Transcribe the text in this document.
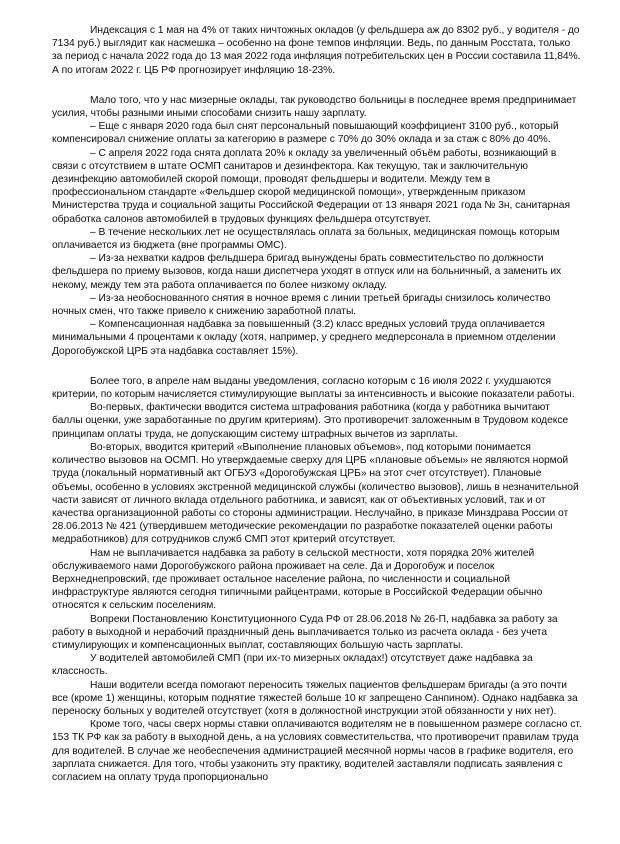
Индексация с 1 мая на 4% от таких ничтожных окладов (у фельдшера аж до 8302 руб., у водителя - до 7134 руб.) выглядит как насмешка – особенно на фоне темпов инфляции. Ведь, по данным Росстата, только за период с начала 2022 года до 13 мая 2022 года инфляция потребительских цен в России составила 11,84%. А по итогам 2022 г. ЦБ РФ прогнозирует инфляцию 18-23%.

Мало того, что у нас мизерные оклады, так руководство больницы в последнее время предпринимает усилия, чтобы разными иными способами снизить нашу зарплату.

– Еще с января 2020 года был снят персональный повышающий коэффициент 3100 руб., который компенсировал снижение оплаты за категорию в размере с 70% до 30% оклада и за стаж с 80% до 40%.

– С апреля 2022 года снята доплата 20% к окладу за увеличенный объём работы, возникающий в связи с отсутствием в штате ОСМП санитаров и дезинфектора. Как текущую, так и заключительную дезинфекцию автомобилей скорой помощи, проводят фельдшеры и водители. Между тем в профессиональном стандарте «Фельдшер скорой медицинской помощи», утвержденным приказом Министерства труда и социальной защиты Российской Федерации от 13 января 2021 года № 3н, санитарная обработка салонов автомобилей в трудовых функциях фельдшера отсутствует.

– В течение нескольких лет не осуществлялась оплата за больных, медицинская помощь которым оплачивается из бюджета (вне программы ОМС).

– Из-за нехватки кадров фельдшера бригад вынуждены брать совместительство по должности фельдшера по приему вызовов, когда наши диспетчера уходят в отпуск или на больничный, а заменить их некому, между тем эта работа оплачивается по более низкому окладу.

– Из-за необоснованного снятия в ночное время с линии третьей бригады снизилось количество ночных смен, что также привело к снижению заработной платы.

– Компенсационная надбавка за повышенный (3.2) класс вредных условий труда оплачивается минимальными 4 процентами к окладу (хотя, например, у среднего медперсонала в приемном отделении Дорогобужской ЦРБ эта надбавка составляет 15%).

Более того, в апреле нам выданы уведомления, согласно которым с 16 июля 2022 г. ухудшаются критерии, по которым начисляется стимулирующие выплаты за интенсивность и высокие показатели работы.

Во-первых, фактически вводится система штрафования работника (когда у работника вычитают баллы оценки, уже заработанные по другим критериям). Это противоречит заложенным в Трудовом кодексе принципам оплаты труда, не допускающим систему штрафных вычетов из зарплаты.

Во-вторых, вводится критерий «Выполнение плановых объемов», под которыми понимается количество вызовов на ОСМП. Но утверждаемые сверху для ЦРБ «плановые объемы» не являются нормой труда (локальный нормативный акт ОГБУЗ «Дорогобужская ЦРБ» на этот счет отсутствует). Плановые объемы, особенно в условиях экстренной медицинской службы (количество вызовов), лишь в незначительной части зависят от личного вклада отдельного работника, и зависят, как от объективных условий, так и от качества организационной работы со стороны администрации. Неслучайно, в приказе Минздрава России от 28.06.2013 № 421 (утвердившем методические рекомендации по разработке показателей оценки работы медработников) для сотрудников служб СМП этот критерий отсутствует.

Нам не выплачивается надбавка за работу в сельской местности, хотя порядка 20% жителей обслуживаемого нами Дорогобужского района проживает на селе. Да и Дорогобуж и поселок Верхнеднепровский, где проживает остальное население района, по численности и социальной инфраструктуре являются сегодня типичными райцентрами, которые в Российской Федерации обычно относятся к сельским поселениям.

Вопреки Постановлению Конституционного Суда РФ от 28.06.2018 № 26-П, надбавка за работу за работу в выходной и нерабочий праздничный день выплачивается только из расчета оклада - без учета стимулирующих и компенсационных выплат, составляющих большую часть зарплаты.

У водителей автомобилей СМП (при их-то мизерных окладах!) отсутствует даже надбавка за классность.

Наши водители всегда помогают переносить тяжелых пациентов фельдшерам бригады (а это почти все (кроме 1) женщины, которым поднятие тяжестей больше 10 кг запрещено Санпином). Однако надбавка за переноску больных у водителей отсутствует (хотя в должностной инструкции этой обязанности у них нет).

Кроме того, часы сверх нормы ставки оплачиваются водителям не в повышенном размере согласно ст. 153 ТК РФ как за работу в выходной день, а на условиях совместительства, что противоречит правилам труда для водителей. В случае же необеспечения администрацией месячной нормы часов в графике водителя, его зарплата снижается. Для того, чтобы узаконить эту практику, водителей заставляли подписать заявления с согласием на оплату труда пропорционально
